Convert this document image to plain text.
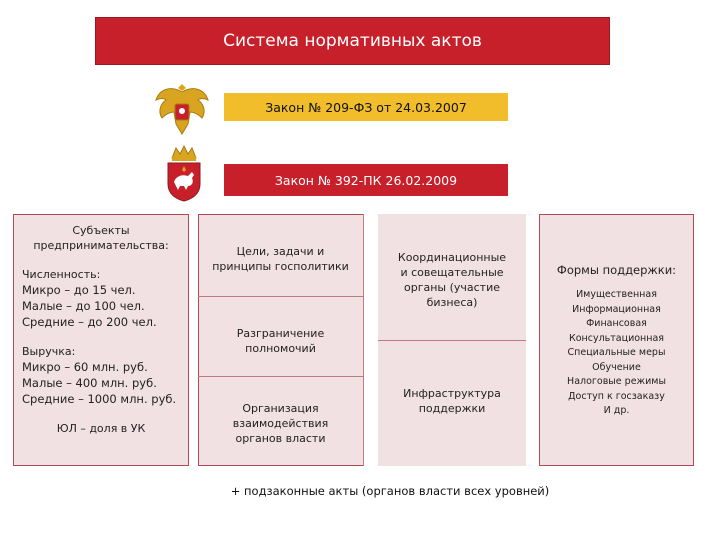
Система нормативных актов
Закон № 209-ФЗ от 24.03.2007
Закон № 392-ПК 26.02.2009
Субъекты
предпринимательства:
Численность:
Микро – до 15 чел.
Малые – до 100 чел.
Средние – до 200 чел.
Выручка:
Микро – 60 млн. руб.
Малые – 400 млн. руб.
Средние – 1000 млн. руб.
ЮЛ – доля в УК
Цели, задачи и
принципы госполитики
Разграничение
полномочий
Организация
взаимодействия
органов власти
Координационные
и совещательные
органы (участие
бизнеса)
Инфраструктура
поддержки
Формы поддержки:
Имущественная
Информационная
Финансовая
Консультационная
Специальные меры
Обучение
Налоговые режимы
Доступ к госзаказу
И др.
+ подзаконные акты (органов власти всех уровней)
